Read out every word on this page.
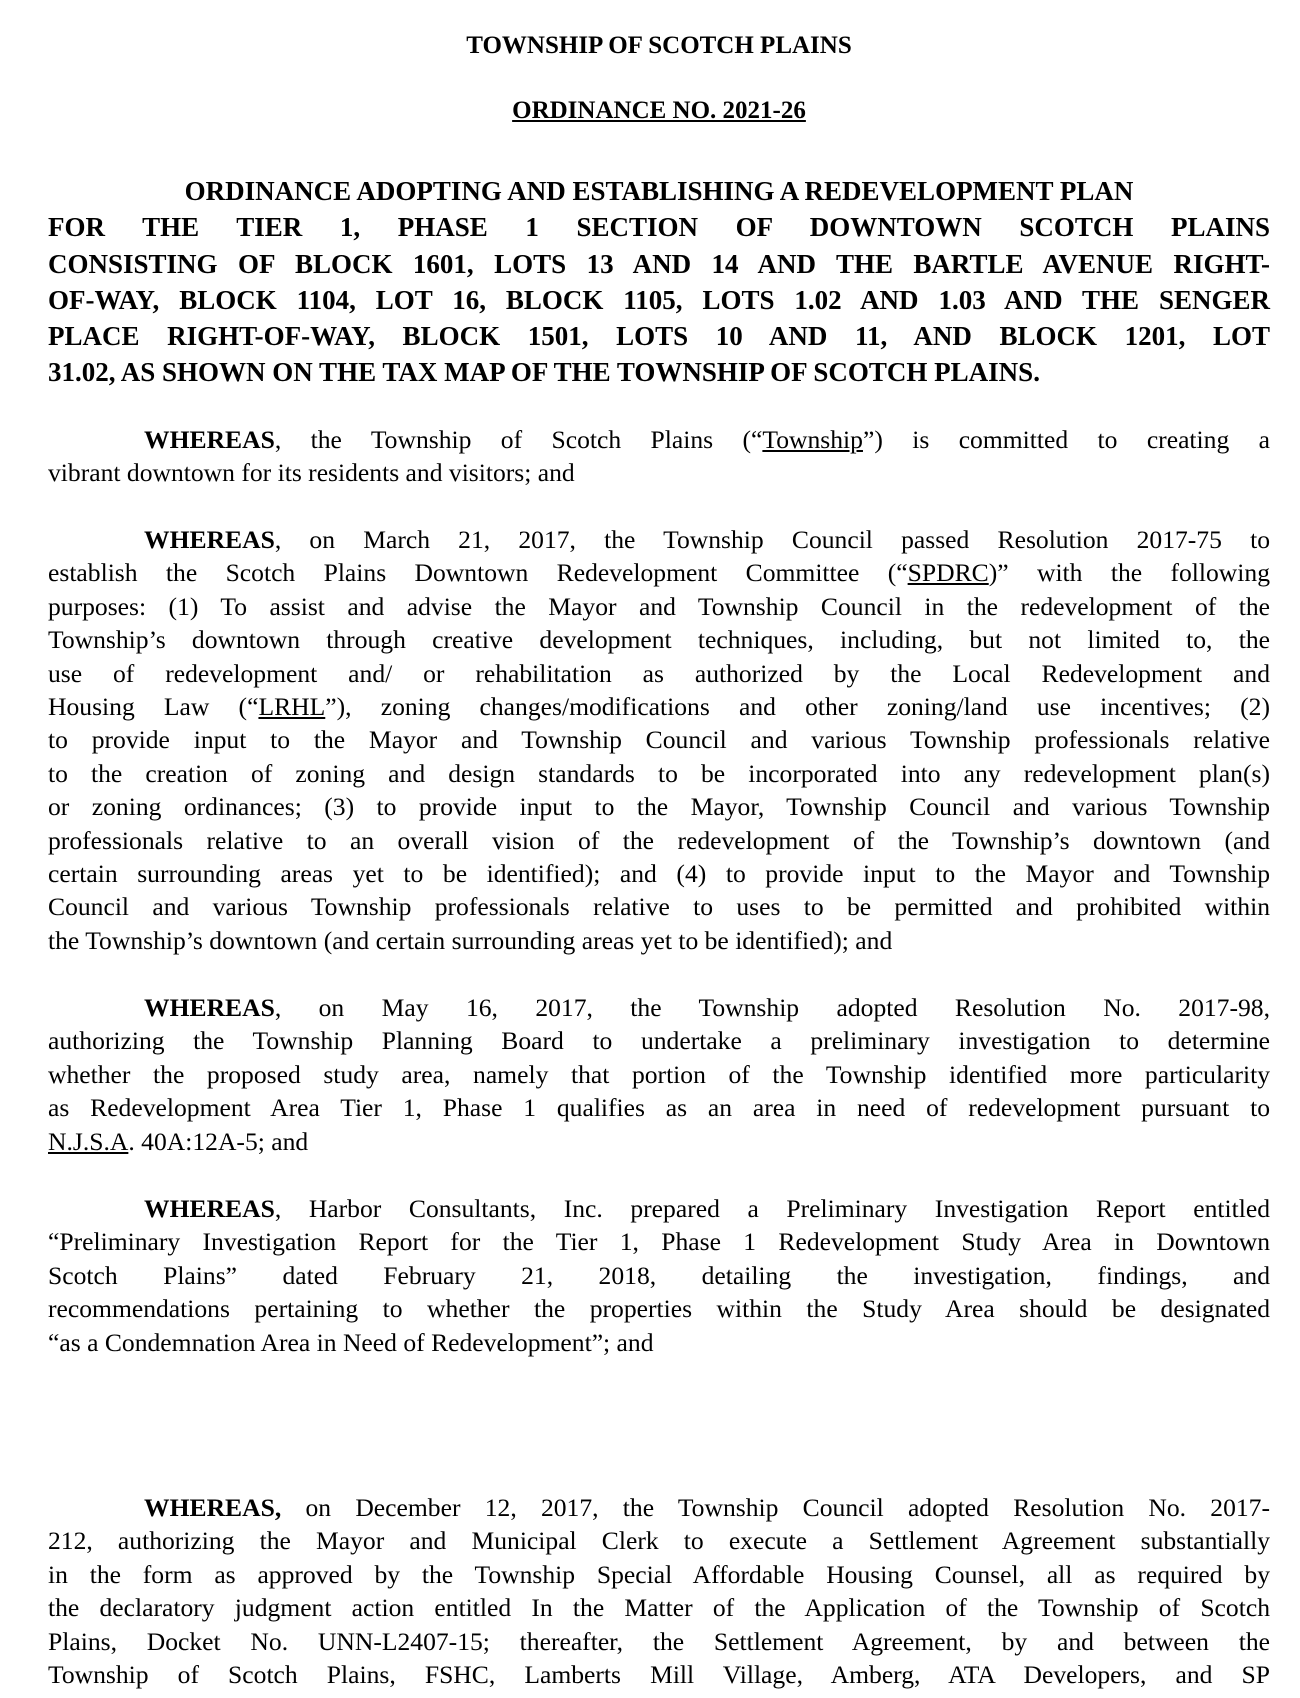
TOWNSHIP OF SCOTCH PLAINS
ORDINANCE NO. 2021-26
ORDINANCE ADOPTING AND ESTABLISHING A REDEVELOPMENT PLAN
FOR THE TIER 1, PHASE 1 SECTION OF DOWNTOWN SCOTCH PLAINS
CONSISTING OF BLOCK 1601, LOTS 13 AND 14 AND THE BARTLE AVENUE RIGHT-
OF-WAY, BLOCK 1104, LOT 16, BLOCK 1105, LOTS 1.02 AND 1.03 AND THE SENGER
PLACE RIGHT-OF-WAY, BLOCK 1501, LOTS 10 AND 11, AND BLOCK 1201, LOT
31.02, AS SHOWN ON THE TAX MAP OF THE TOWNSHIP OF SCOTCH PLAINS.
WHEREAS, the Township of Scotch Plains (“Township”) is committed to creating a
vibrant downtown for its residents and visitors; and
WHEREAS, on March 21, 2017, the Township Council passed Resolution 2017-75 to
establish the Scotch Plains Downtown Redevelopment Committee (“SPDRC)” with the following
purposes: (1) To assist and advise the Mayor and Township Council in the redevelopment of the
Township’s downtown through creative development techniques, including, but not limited to, the
use of redevelopment and/ or rehabilitation as authorized by the Local Redevelopment and
Housing Law (“LRHL”), zoning changes/modifications and other zoning/land use incentives; (2)
to provide input to the Mayor and Township Council and various Township professionals relative
to the creation of zoning and design standards to be incorporated into any redevelopment plan(s)
or zoning ordinances; (3) to provide input to the Mayor, Township Council and various Township
professionals relative to an overall vision of the redevelopment of the Township’s downtown (and
certain surrounding areas yet to be identified); and (4) to provide input to the Mayor and Township
Council and various Township professionals relative to uses to be permitted and prohibited within
the Township’s downtown (and certain surrounding areas yet to be identified); and
WHEREAS, on May 16, 2017, the Township adopted Resolution No. 2017-98,
authorizing the Township Planning Board to undertake a preliminary investigation to determine
whether the proposed study area, namely that portion of the Township identified more particularity
as Redevelopment Area Tier 1, Phase 1 qualifies as an area in need of redevelopment pursuant to
N.J.S.A. 40A:12A-5; and
WHEREAS, Harbor Consultants, Inc. prepared a Preliminary Investigation Report entitled
“Preliminary Investigation Report for the Tier 1, Phase 1 Redevelopment Study Area in Downtown
Scotch Plains” dated February 21, 2018, detailing the investigation, findings, and
recommendations pertaining to whether the properties within the Study Area should be designated
“as a Condemnation Area in Need of Redevelopment”; and
WHEREAS, on December 12, 2017, the Township Council adopted Resolution No. 2017-
212, authorizing the Mayor and Municipal Clerk to execute a Settlement Agreement substantially
in the form as approved by the Township Special Affordable Housing Counsel, all as required by
the declaratory judgment action entitled In the Matter of the Application of the Township of Scotch
Plains, Docket No. UNN-L2407-15; thereafter, the Settlement Agreement, by and between the
Township of Scotch Plains, FSHC, Lamberts Mill Village, Amberg, ATA Developers, and SP
